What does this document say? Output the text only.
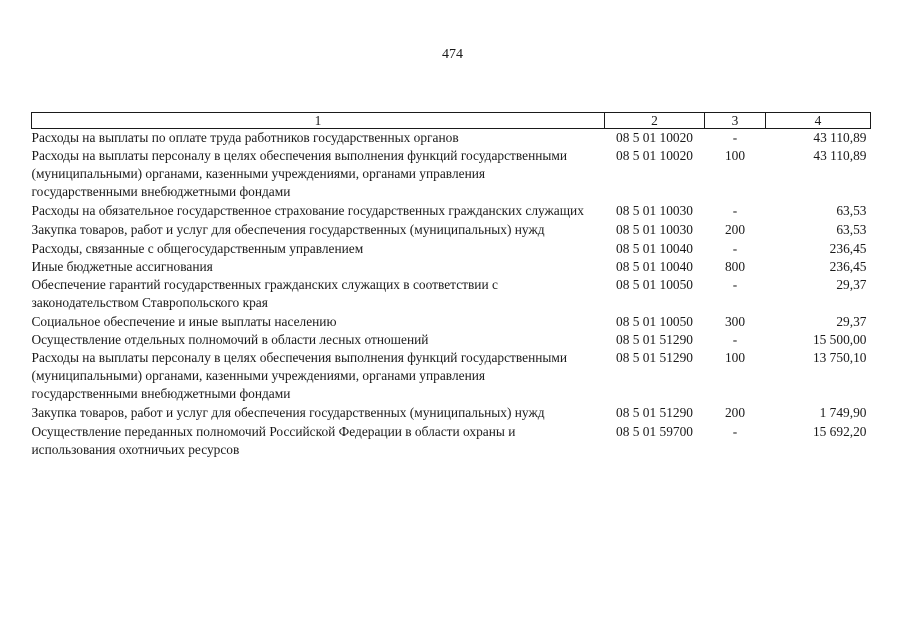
474
1	2	3	4
Расходы на выплаты по оплате труда работников государственных органов	08 5 01 10020	-	43 110,89
Расходы на выплаты персоналу в целях обеспечения выполнения функций государственными (муниципальными) органами, казенными учреждениями, органами управления государственными внебюджетными фондами	08 5 01 10020	100	43 110,89
Расходы на обязательное государственное страхование государственных гражданских служащих	08 5 01 10030	-	63,53
Закупка товаров, работ и услуг для обеспечения государственных (муниципальных) нужд	08 5 01 10030	200	63,53
Расходы, связанные с общегосударственным управлением	08 5 01 10040	-	236,45
Иные бюджетные ассигнования	08 5 01 10040	800	236,45
Обеспечение гарантий государственных гражданских служащих в соответствии с законодательством Ставропольского края	08 5 01 10050	-	29,37
Социальное обеспечение и иные выплаты населению	08 5 01 10050	300	29,37
Осуществление отдельных полномочий в области лесных отношений	08 5 01 51290	-	15 500,00
Расходы на выплаты персоналу в целях обеспечения выполнения функций государственными (муниципальными) органами, казенными учреждениями, органами управления государственными внебюджетными фондами	08 5 01 51290	100	13 750,10
Закупка товаров, работ и услуг для обеспечения государственных (муниципальных) нужд	08 5 01 51290	200	1 749,90
Осуществление переданных полномочий Российской Федерации в области охраны и использования охотничьих ресурсов	08 5 01 59700	-	15 692,20
